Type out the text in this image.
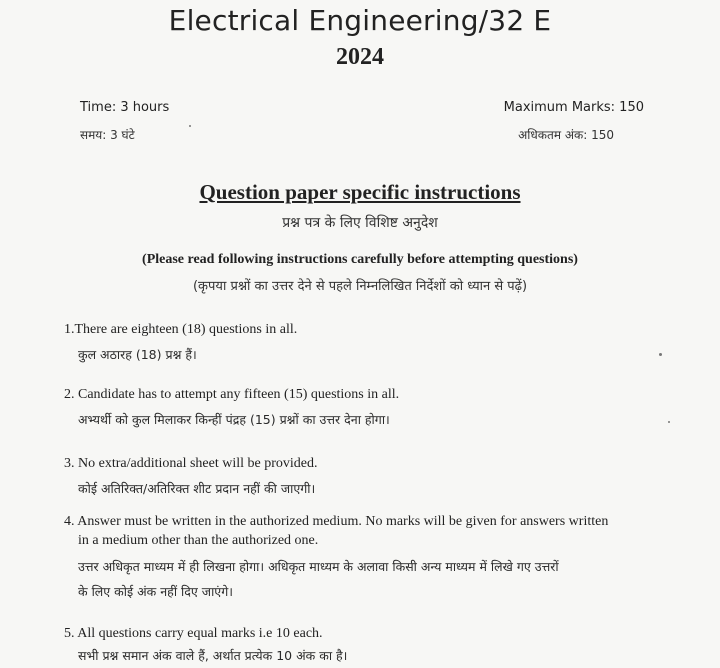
Electrical Engineering/32 E
2024
Time: 3 hours
समय: 3 घंटे
Maximum Marks: 150
अधिकतम अंक: 150
Question paper specific instructions
प्रश्न पत्र के लिए विशिष्ट अनुदेश
(Please read following instructions carefully before attempting questions)
(कृपया प्रश्नों का उत्तर देने से पहले निम्नलिखित निर्देशों को ध्यान से पढ़ें)
1.There are eighteen (18) questions in all.
कुल अठारह (18) प्रश्न हैं।
2. Candidate has to attempt any fifteen (15) questions in all.
अभ्यर्थी को कुल मिलाकर किन्हीं पंद्रह (15) प्रश्नों का उत्तर देना होगा।
3. No extra/additional sheet will be provided.
कोई अतिरिक्त/अतिरिक्त शीट प्रदान नहीं की जाएगी।
4. Answer must be written in the authorized medium. No marks will be given for answers written
in a medium other than the authorized one.
उत्तर अधिकृत माध्यम में ही लिखना होगा। अधिकृत माध्यम के अलावा किसी अन्य माध्यम में लिखे गए उत्तरों
के लिए कोई अंक नहीं दिए जाएंगे।
5. All questions carry equal marks i.e 10 each.
सभी प्रश्न समान अंक वाले हैं, अर्थात प्रत्येक 10 अंक का है।
